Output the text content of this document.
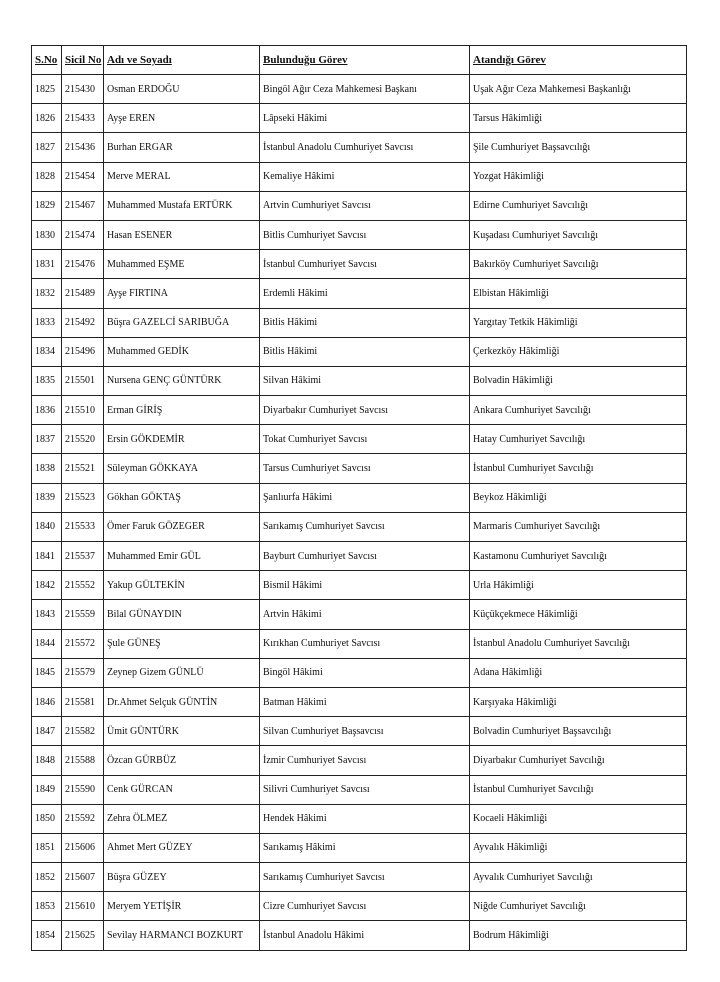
S.No	Sicil No	Adı ve Soyadı	Bulunduğu Görev	Atandığı Görev
1825	215430	Osman ERDOĞU	Bingöl Ağır Ceza Mahkemesi Başkanı	Uşak Ağır Ceza Mahkemesi Başkanlığı
1826	215433	Ayşe EREN	Lâpseki Hâkimi	Tarsus Hâkimliği
1827	215436	Burhan ERGAR	İstanbul Anadolu Cumhuriyet Savcısı	Şile Cumhuriyet Başsavcılığı
1828	215454	Merve MERAL	Kemaliye Hâkimi	Yozgat Hâkimliği
1829	215467	Muhammed Mustafa ERTÜRK	Artvin Cumhuriyet Savcısı	Edirne Cumhuriyet Savcılığı
1830	215474	Hasan ESENER	Bitlis Cumhuriyet Savcısı	Kuşadası Cumhuriyet Savcılığı
1831	215476	Muhammed EŞME	İstanbul Cumhuriyet Savcısı	Bakırköy Cumhuriyet Savcılığı
1832	215489	Ayşe FIRTINA	Erdemli Hâkimi	Elbistan Hâkimliği
1833	215492	Büşra GAZELCİ SARIBUĞA	Bitlis Hâkimi	Yargıtay Tetkik Hâkimliği
1834	215496	Muhammed GEDİK	Bitlis Hâkimi	Çerkezköy Hâkimliği
1835	215501	Nursena GENÇ GÜNTÜRK	Silvan Hâkimi	Bolvadin Hâkimliği
1836	215510	Erman GİRİŞ	Diyarbakır Cumhuriyet Savcısı	Ankara Cumhuriyet Savcılığı
1837	215520	Ersin GÖKDEMİR	Tokat Cumhuriyet Savcısı	Hatay Cumhuriyet Savcılığı
1838	215521	Süleyman GÖKKAYA	Tarsus Cumhuriyet Savcısı	İstanbul Cumhuriyet Savcılığı
1839	215523	Gökhan GÖKTAŞ	Şanlıurfa Hâkimi	Beykoz Hâkimliği
1840	215533	Ömer Faruk GÖZEGER	Sarıkamış Cumhuriyet Savcısı	Marmaris Cumhuriyet Savcılığı
1841	215537	Muhammed Emir GÜL	Bayburt Cumhuriyet Savcısı	Kastamonu Cumhuriyet Savcılığı
1842	215552	Yakup GÜLTEKİN	Bismil Hâkimi	Urla Hâkimliği
1843	215559	Bilal GÜNAYDIN	Artvin Hâkimi	Küçükçekmece Hâkimliği
1844	215572	Şule GÜNEŞ	Kırıkhan Cumhuriyet Savcısı	İstanbul Anadolu Cumhuriyet Savcılığı
1845	215579	Zeynep Gizem GÜNLÜ	Bingöl Hâkimi	Adana Hâkimliği
1846	215581	Dr.Ahmet Selçuk GÜNTİN	Batman Hâkimi	Karşıyaka Hâkimliği
1847	215582	Ümit GÜNTÜRK	Silvan Cumhuriyet Başsavcısı	Bolvadin Cumhuriyet Başsavcılığı
1848	215588	Özcan GÜRBÜZ	İzmir Cumhuriyet Savcısı	Diyarbakır Cumhuriyet Savcılığı
1849	215590	Cenk GÜRCAN	Silivri Cumhuriyet Savcısı	İstanbul Cumhuriyet Savcılığı
1850	215592	Zehra ÖLMEZ	Hendek Hâkimi	Kocaeli Hâkimliği
1851	215606	Ahmet Mert GÜZEY	Sarıkamış Hâkimi	Ayvalık Hâkimliği
1852	215607	Büşra GÜZEY	Sarıkamış Cumhuriyet Savcısı	Ayvalık Cumhuriyet Savcılığı
1853	215610	Meryem YETİŞİR	Cizre Cumhuriyet Savcısı	Niğde Cumhuriyet Savcılığı
1854	215625	Sevilay HARMANCI BOZKURT	İstanbul Anadolu Hâkimi	Bodrum Hâkimliği
